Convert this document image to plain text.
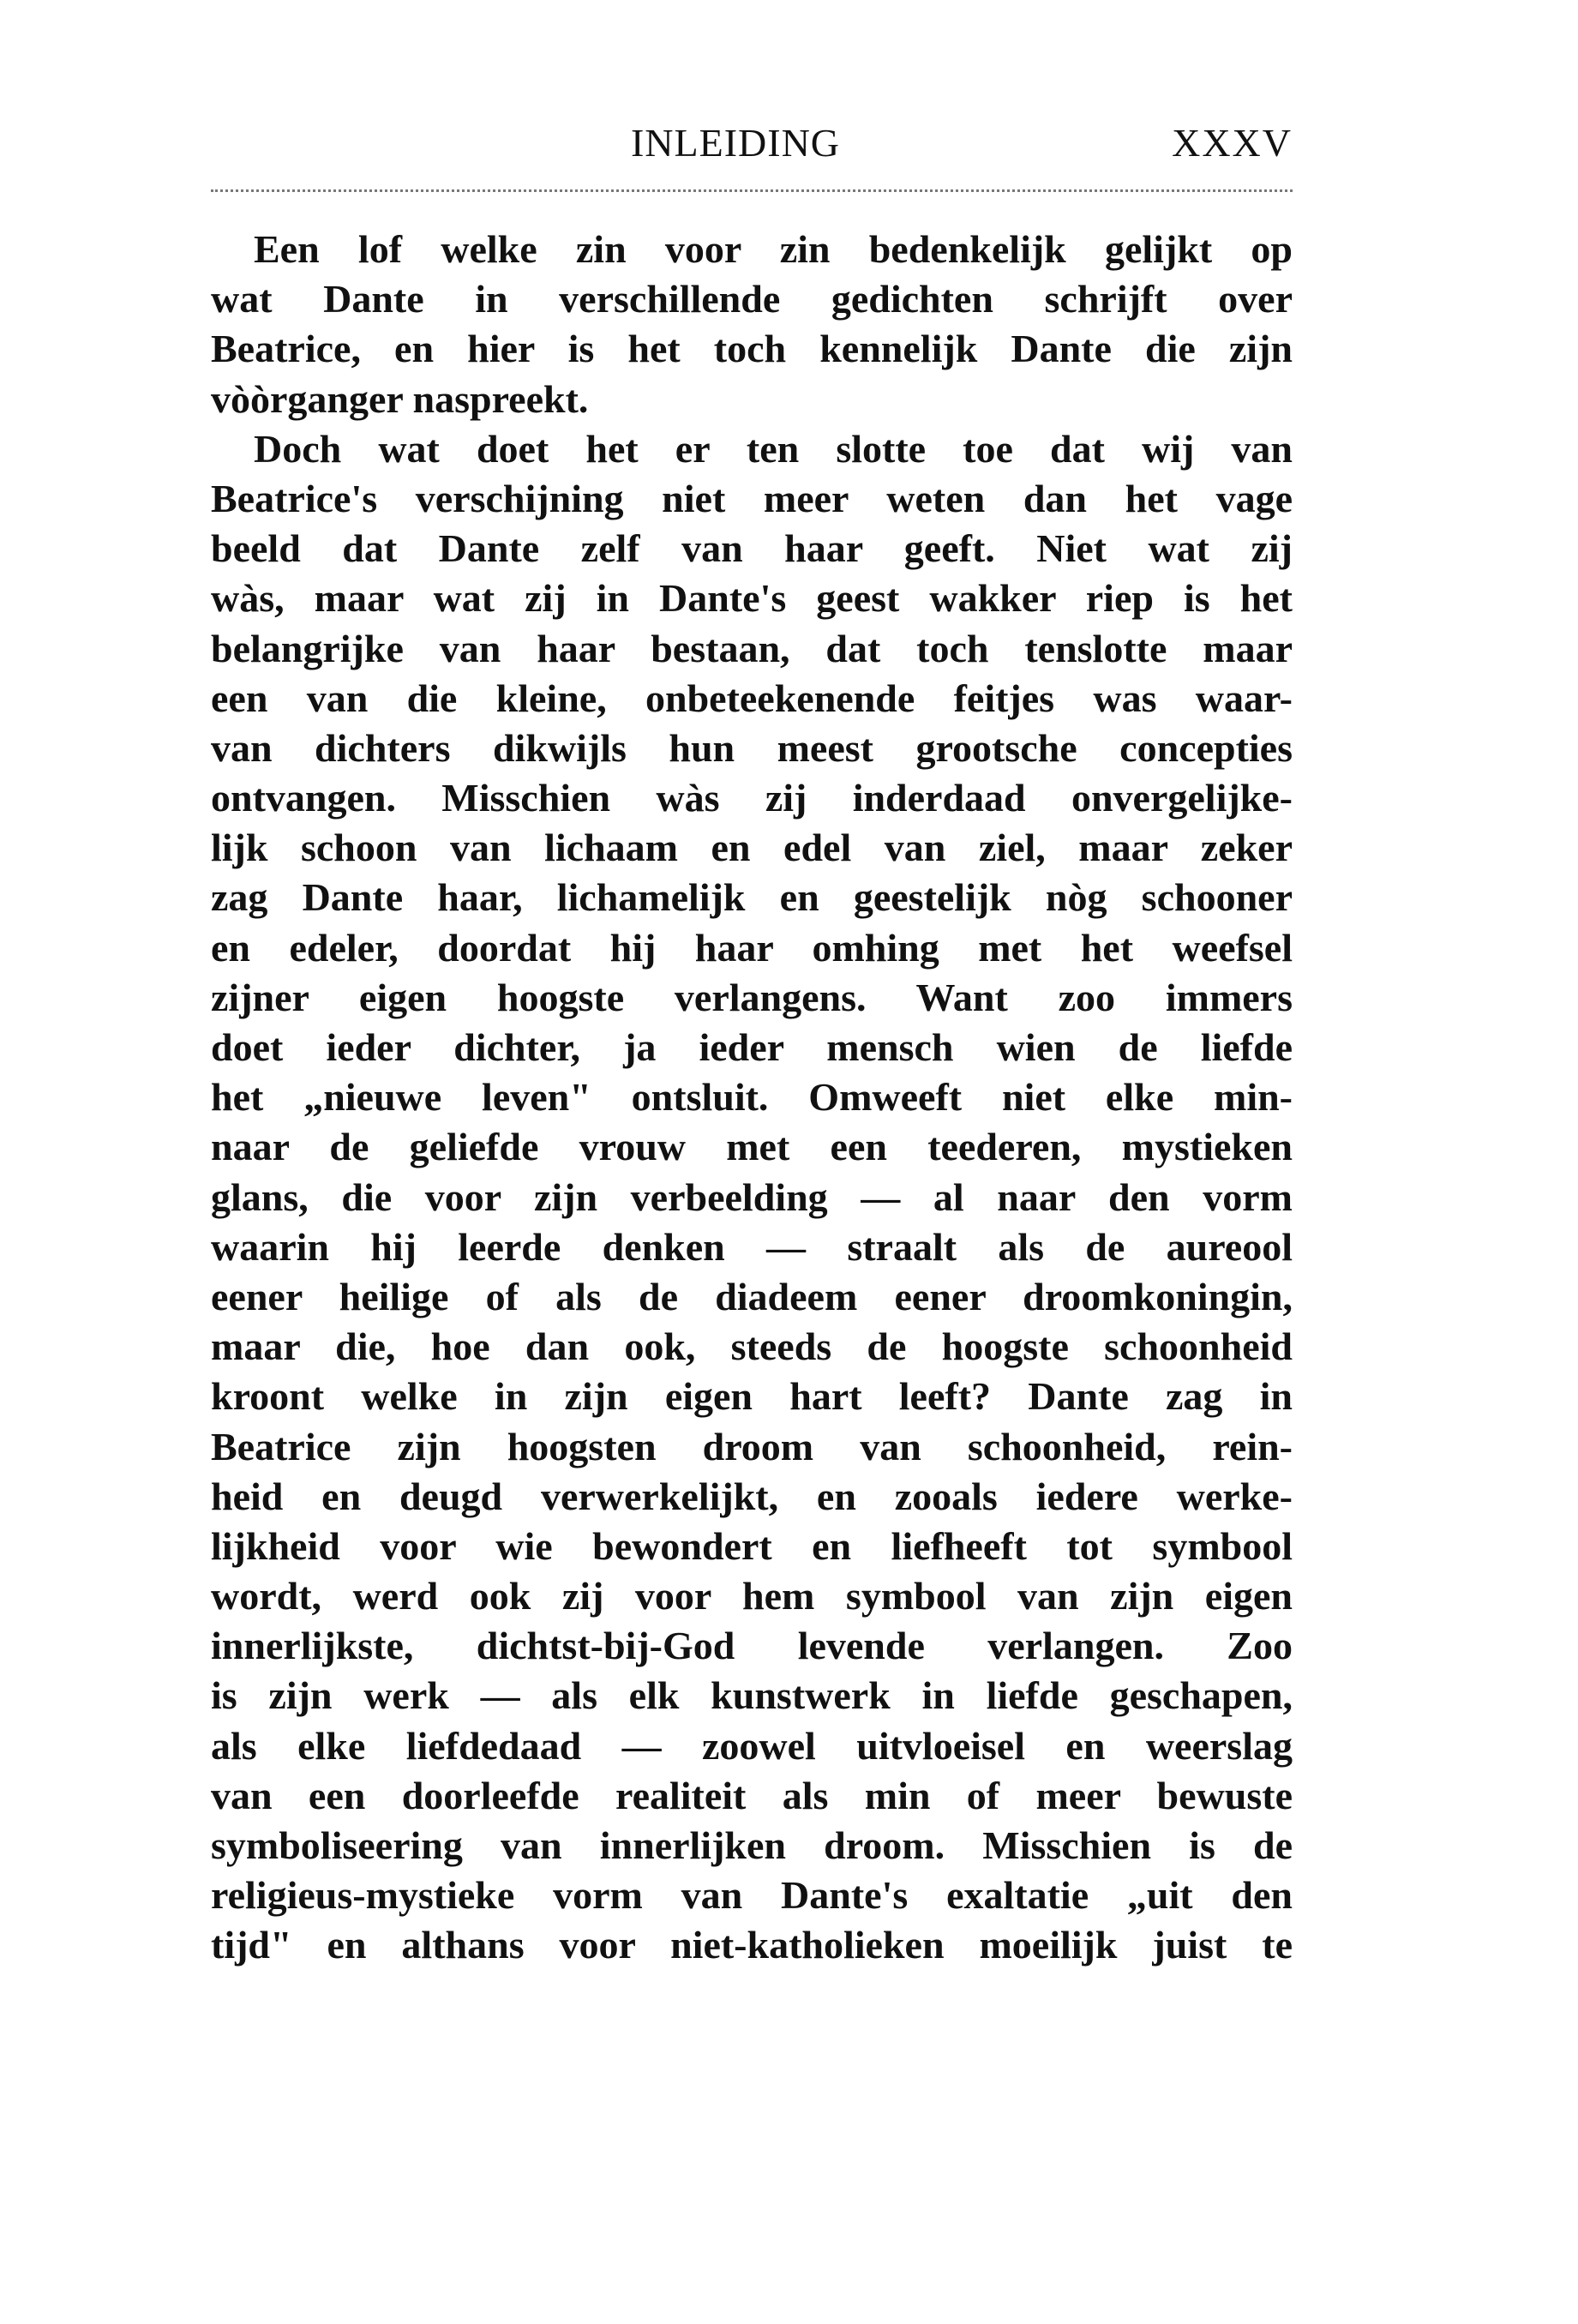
INLEIDING	XXXV
Een lof welke zin voor zin bedenkelijk gelijkt op
wat Dante in verschillende gedichten schrijft over
Beatrice, en hier is het toch kennelijk Dante die zijn
vòòrganger naspreekt.
Doch wat doet het er ten slotte toe dat wij van
Beatrice's verschijning niet meer weten dan het vage
beeld dat Dante zelf van haar geeft. Niet wat zij
wàs, maar wat zij in Dante's geest wakker riep is het
belangrijke van haar bestaan, dat toch tenslotte maar
een van die kleine, onbeteekenende feitjes was waar-
van dichters dikwijls hun meest grootsche concepties
ontvangen. Misschien wàs zij inderdaad onvergelijke-
lijk schoon van lichaam en edel van ziel, maar zeker
zag Dante haar, lichamelijk en geestelijk nòg schooner
en edeler, doordat hij haar omhing met het weefsel
zijner eigen hoogste verlangens. Want zoo immers
doet ieder dichter, ja ieder mensch wien de liefde
het „nieuwe leven" ontsluit. Omweeft niet elke min-
naar de geliefde vrouw met een teederen, mystieken
glans, die voor zijn verbeelding — al naar den vorm
waarin hij leerde denken — straalt als de aureool
eener heilige of als de diadeem eener droomkoningin,
maar die, hoe dan ook, steeds de hoogste schoonheid
kroont welke in zijn eigen hart leeft? Dante zag in
Beatrice zijn hoogsten droom van schoonheid, rein-
heid en deugd verwerkelijkt, en zooals iedere werke-
lijkheid voor wie bewondert en liefheeft tot symbool
wordt, werd ook zij voor hem symbool van zijn eigen
innerlijkste, dichtst-bij-God levende verlangen. Zoo
is zijn werk — als elk kunstwerk in liefde geschapen,
als elke liefdedaad — zoowel uitvloeisel en weerslag
van een doorleefde realiteit als min of meer bewuste
symboliseering van innerlijken droom. Misschien is de
religieus-mystieke vorm van Dante's exaltatie „uit den
tijd" en althans voor niet-katholieken moeilijk juist te
